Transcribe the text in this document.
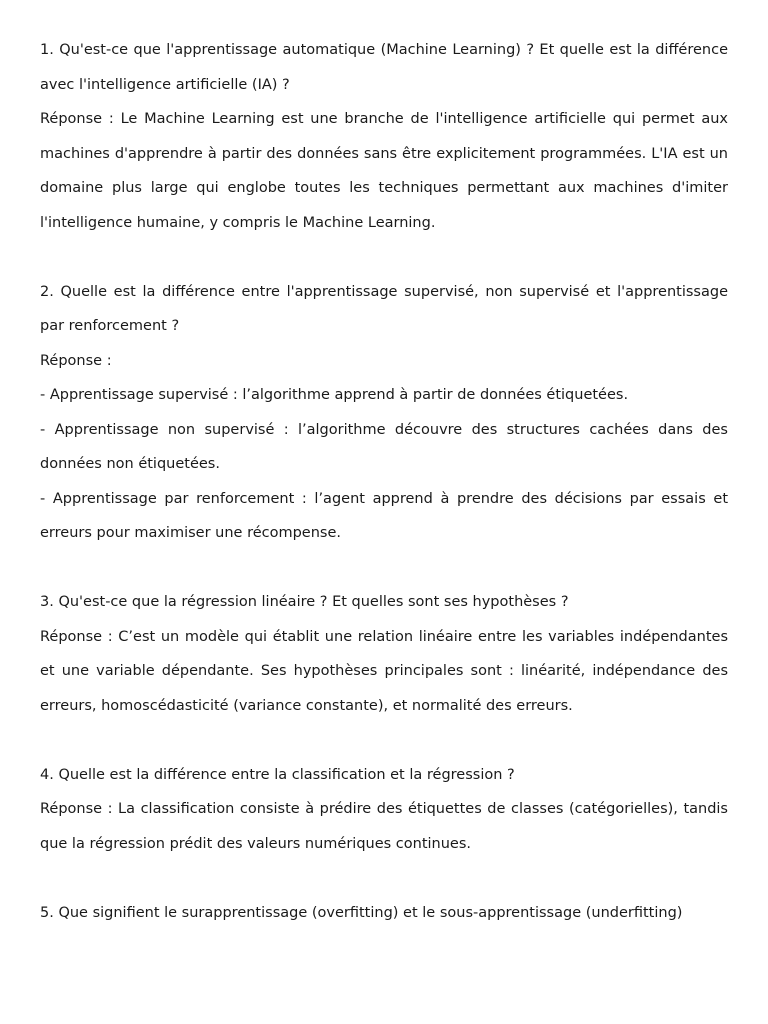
1. Qu'est-ce que l'apprentissage automatique (Machine Learning) ? Et quelle est la différence avec l'intelligence artificielle (IA) ?

Réponse : Le Machine Learning est une branche de l'intelligence artificielle qui permet aux machines d'apprendre à partir des données sans être explicitement programmées. L'IA est un domaine plus large qui englobe toutes les techniques permettant aux machines d'imiter l'intelligence humaine, y compris le Machine Learning.

2. Quelle est la différence entre l'apprentissage supervisé, non supervisé et l'apprentissage par renforcement ?

Réponse :

- Apprentissage supervisé : l’algorithme apprend à partir de données étiquetées.

- Apprentissage non supervisé : l’algorithme découvre des structures cachées dans des données non étiquetées.

- Apprentissage par renforcement : l’agent apprend à prendre des décisions par essais et erreurs pour maximiser une récompense.

3. Qu'est-ce que la régression linéaire ? Et quelles sont ses hypothèses ?

Réponse : C’est un modèle qui établit une relation linéaire entre les variables indépendantes et une variable dépendante. Ses hypothèses principales sont : linéarité, indépendance des erreurs, homoscédasticité (variance constante), et normalité des erreurs.

4. Quelle est la différence entre la classification et la régression ?

Réponse : La classification consiste à prédire des étiquettes de classes (catégorielles), tandis que la régression prédit des valeurs numériques continues.

5. Que signifient le surapprentissage (overfitting) et le sous-apprentissage (underfitting)
